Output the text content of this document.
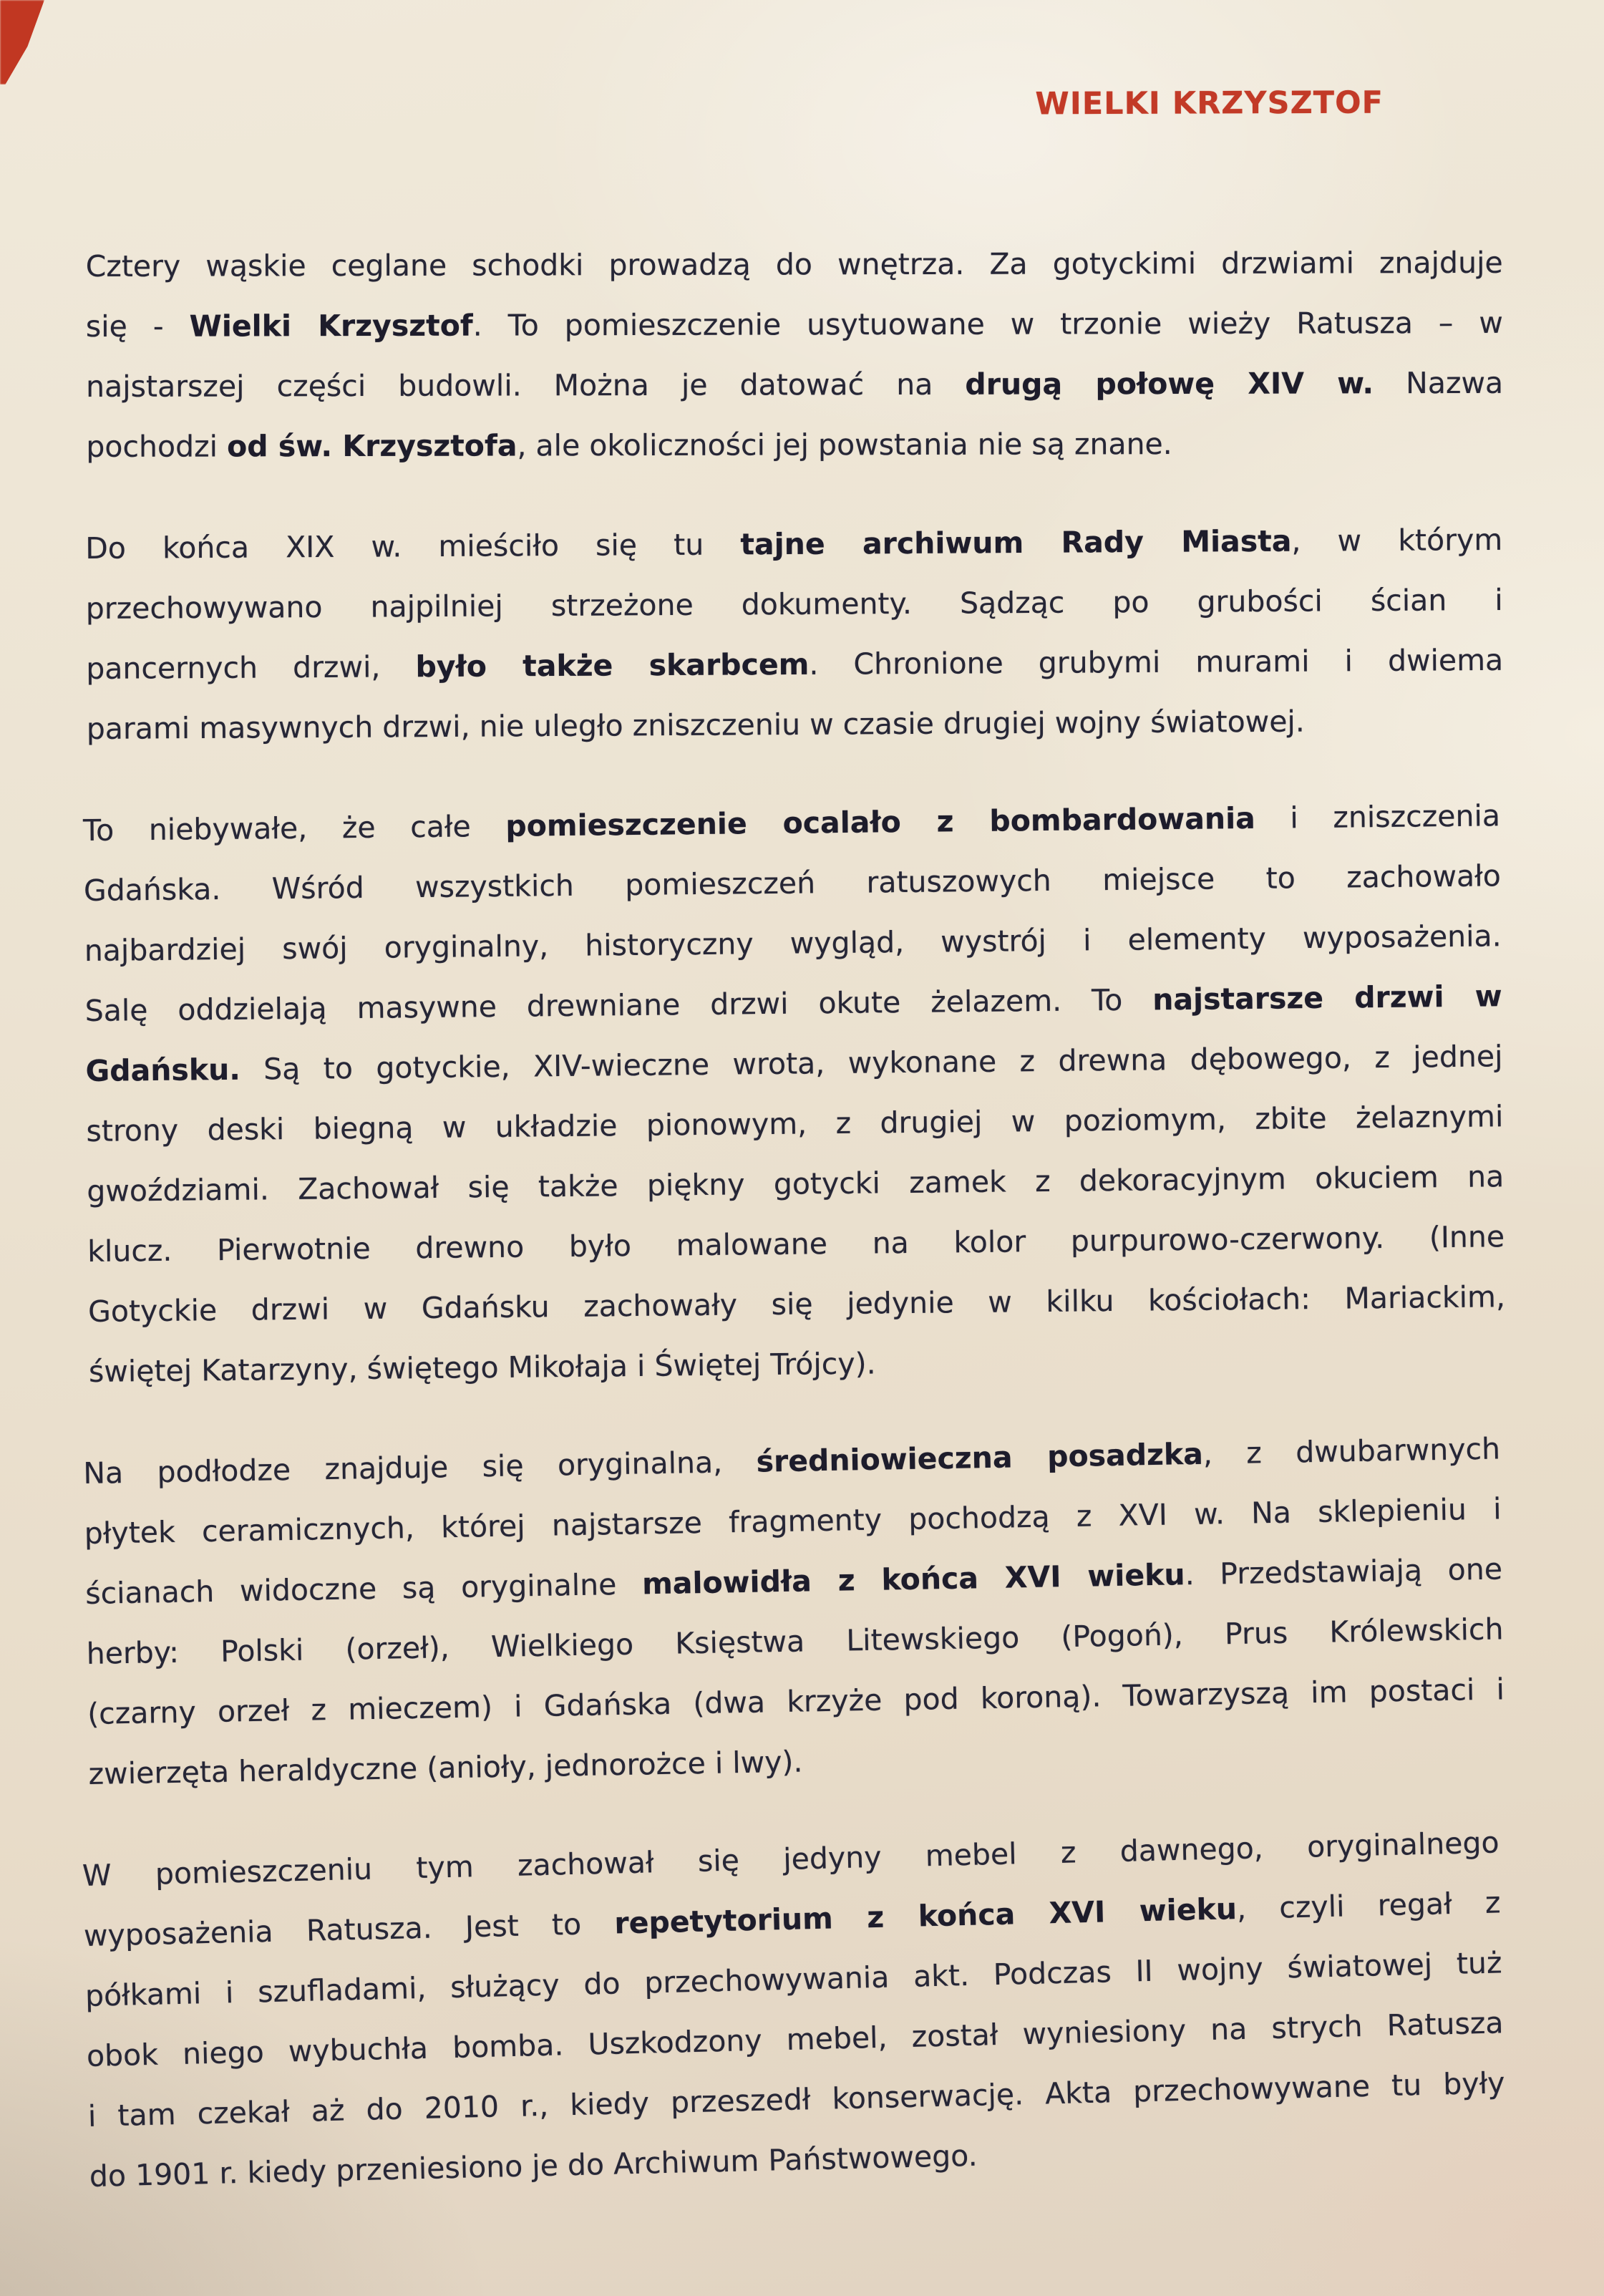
WIELKI KRZYSZTOF
Cztery wąskie ceglane schodki prowadzą do wnętrza. Za gotyckimi drzwiami znajduje
się - Wielki Krzysztof. To pomieszczenie usytuowane w trzonie wieży Ratusza – w
najstarszej części budowli. Można je datować na drugą połowę XIV w. Nazwa
pochodzi od św. Krzysztofa, ale okoliczności jej powstania nie są znane.
Do końca XIX w. mieściło się tu tajne archiwum Rady Miasta, w którym
przechowywano najpilniej strzeżone dokumenty. Sądząc po grubości ścian i
pancernych drzwi, było także skarbcem. Chronione grubymi murami i dwiema
parami masywnych drzwi, nie uległo zniszczeniu w czasie drugiej wojny światowej.
To niebywałe, że całe pomieszczenie ocalało z bombardowania i zniszczenia
Gdańska. Wśród wszystkich pomieszczeń ratuszowych miejsce to zachowało
najbardziej swój oryginalny, historyczny wygląd, wystrój i elementy wyposażenia.
Salę oddzielają masywne drewniane drzwi okute żelazem. To najstarsze drzwi w
Gdańsku. Są to gotyckie, XIV-wieczne wrota, wykonane z drewna dębowego, z jednej
strony deski biegną w układzie pionowym, z drugiej w poziomym, zbite żelaznymi
gwoździami. Zachował się także piękny gotycki zamek z dekoracyjnym okuciem na
klucz. Pierwotnie drewno było malowane na kolor purpurowo-czerwony. (Inne
Gotyckie drzwi w Gdańsku zachowały się jedynie w kilku kościołach: Mariackim,
świętej Katarzyny, świętego Mikołaja i Świętej Trójcy).
Na podłodze znajduje się oryginalna, średniowieczna posadzka, z dwubarwnych
płytek ceramicznych, której najstarsze fragmenty pochodzą z XVI w. Na sklepieniu i
ścianach widoczne są oryginalne malowidła z końca XVI wieku. Przedstawiają one
herby: Polski (orzeł), Wielkiego Księstwa Litewskiego (Pogoń), Prus Królewskich
(czarny orzeł z mieczem) i Gdańska (dwa krzyże pod koroną). Towarzyszą im postaci i
zwierzęta heraldyczne (anioły, jednorożce i lwy).
W pomieszczeniu tym zachował się jedyny mebel z dawnego, oryginalnego
wyposażenia Ratusza. Jest to repetytorium z końca XVI wieku, czyli regał z
półkami i szufladami, służący do przechowywania akt. Podczas II wojny światowej tuż
obok niego wybuchła bomba. Uszkodzony mebel, został wyniesiony na strych Ratusza
i tam czekał aż do 2010 r., kiedy przeszedł konserwację. Akta przechowywane tu były
do 1901 r. kiedy przeniesiono je do Archiwum Państwowego.
